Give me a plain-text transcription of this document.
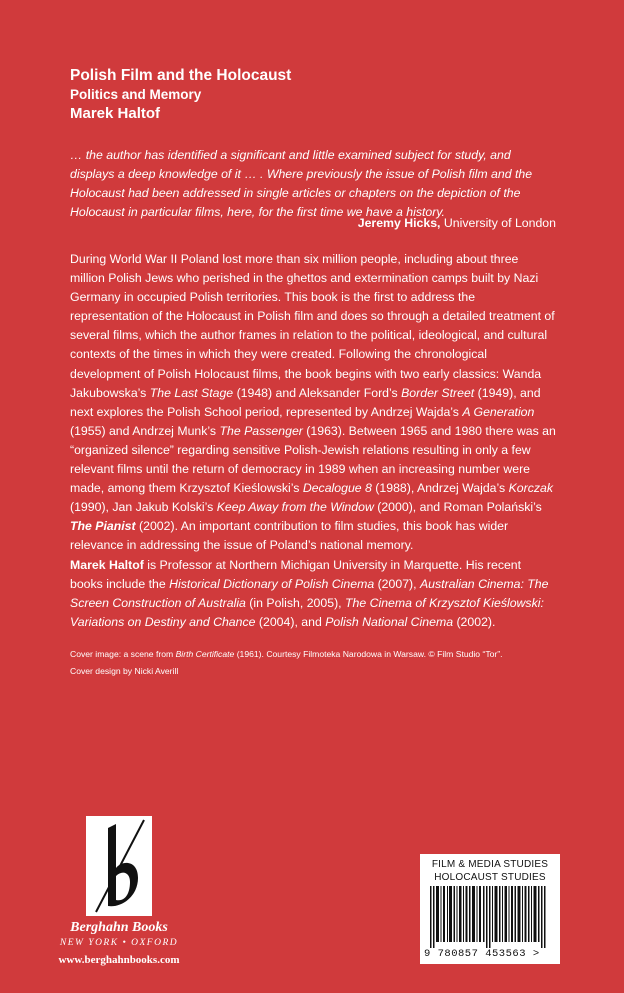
Polish Film and the Holocaust

Politics and Memory

Marek Haltof

… the author has identified a significant and little examined subject for study, and displays a deep knowledge of it … . Where previously the issue of Polish film and the Holocaust had been addressed in single articles or chapters on the depiction of the Holocaust in particular films, here, for the first time we have a history.

Jeremy Hicks, University of London

During World War II Poland lost more than six million people, including about three million Polish Jews who perished in the ghettos and extermination camps built by Nazi Germany in occupied Polish territories. This book is the first to address the representation of the Holocaust in Polish film and does so through a detailed treatment of several films, which the author frames in relation to the political, ideological, and cultural contexts of the times in which they were created. Following the chronological development of Polish Holocaust films, the book begins with two early classics: Wanda Jakubowska’s The Last Stage (1948) and Aleksander Ford’s Border Street (1949), and next explores the Polish School period, represented by Andrzej Wajda’s A Generation (1955) and Andrzej Munk’s The Passenger (1963). Between 1965 and 1980 there was an “organized silence” regarding sensitive Polish-Jewish relations resulting in only a few relevant films until the return of democracy in 1989 when an increasing number were made, among them Krzysztof Kieślowski’s Decalogue 8 (1988), Andrzej Wajda’s Korczak (1990), Jan Jakub Kolski’s Keep Away from the Window (2000), and Roman Polański’s The Pianist (2002). An important contribution to film studies, this book has wider relevance in addressing the issue of Poland’s national memory.

Marek Haltof is Professor at Northern Michigan University in Marquette. His recent books include the Historical Dictionary of Polish Cinema (2007), Australian Cinema: The Screen Construction of Australia (in Polish, 2005), The Cinema of Krzysztof Kieślowski: Variations on Destiny and Chance (2004), and Polish National Cinema (2002).

Cover image: a scene from Birth Certificate (1961). Courtesy Filmoteka Narodowa in Warsaw. © Film Studio “Tor”.
Cover design by Nicki Averill

Berghahn Books
NEW YORK • OXFORD
www.berghahnbooks.com
FILM & MEDIA STUDIES
HOLOCAUST STUDIES
9 780857 453563 >
